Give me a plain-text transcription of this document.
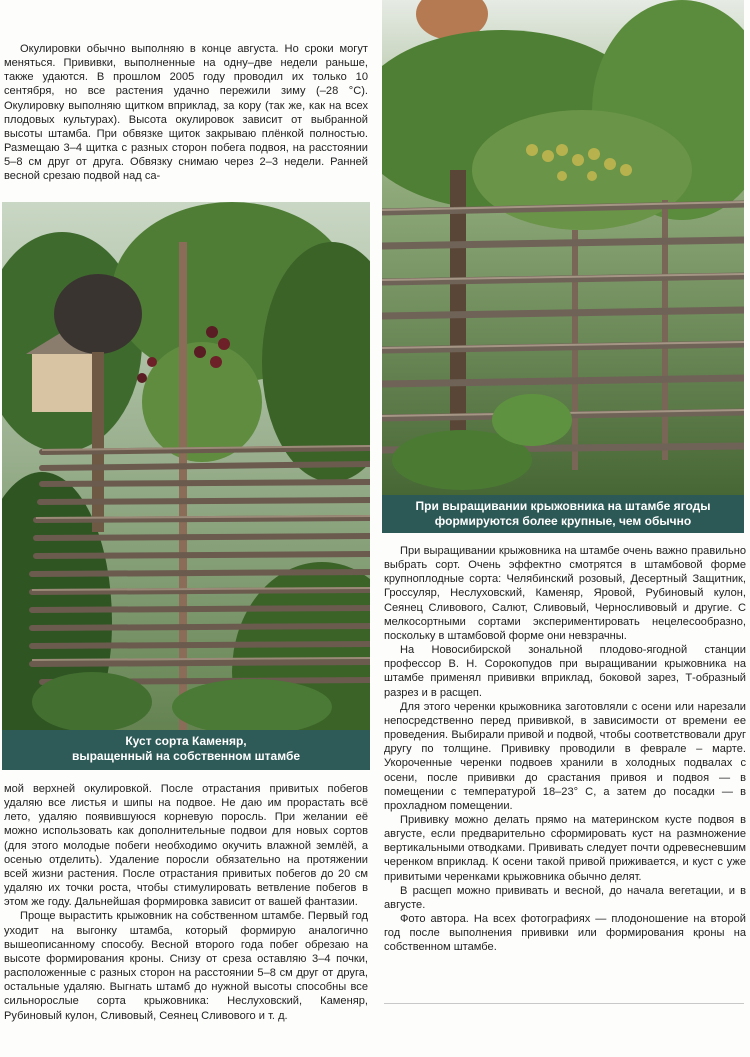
Окулировки обычно выполняю в конце августа. Но сроки могут меняться. Прививки, выполненные на одну–две недели раньше, также удаются. В прошлом 2005 году проводил их только 10 сентября, но все растения удачно пережили зиму (–28 °С). Окулировку выполняю щитком вприклад, за кору (так же, как на всех плодовых культурах). Высота окулировок зависит от выбранной высоты штамба. При обвязке щиток закрываю плёнкой полностью. Размещаю 3–4 щитка с разных сторон побега подвоя, на расстоянии 5–8 см друг от друга. Обвязку снимаю через 2–3 недели. Ранней весной срезаю подвой над са-

Куст сорта Каменяр,
выращенный на собственном штамбе

мой верхней окулировкой. После отрастания привитых побегов удаляю все листья и шипы на подвое. Не даю им прорастать всё лето, удаляю появившуюся корневую поросль. При желании её можно использовать как дополнительные подвои для новых сортов (для этого молодые побеги необходимо окучить влажной землёй, а осенью отделить). Удаление поросли обязательно на протяжении всей жизни растения. После отрастания привитых побегов до 20 см удаляю их точки роста, чтобы стимулировать ветвление побегов в этом же году. Дальнейшая формировка зависит от вашей фантазии.

Проще вырастить крыжовник на собственном штамбе. Первый год уходит на выгонку штамба, который формирую аналогично вышеописанному способу. Весной второго года побег обрезаю на высоте формирования кроны. Снизу от среза оставляю 3–4 почки, расположенные с разных сторон на расстоянии 5–8 см друг от друга, остальные удаляю. Выгнать штамб до нужной высоты способны все сильнорослые сорта крыжовника: Неслуховский, Каменяр, Рубиновый кулон, Сливовый, Сеянец Сливового и т. д.

При выращивании крыжовника на штамбе ягоды
формируются более крупные, чем обычно

При выращивании крыжовника на штамбе очень важно правильно выбрать сорт. Очень эффектно смотрятся в штамбовой форме крупноплодные сорта: Челябинский розовый, Десертный Защитник, Гроссуляр, Неслуховский, Каменяр, Яровой, Рубиновый кулон, Сеянец Сливового, Салют, Сливовый, Черносливовый и другие. С мелкосортными сортами экспериментировать нецелесообразно, поскольку в штамбовой форме они невзрачны.

На Новосибирской зональной плодово-ягодной станции профессор В. Н. Сорокопудов при выращивании крыжовника на штамбе применял прививки вприклад, боковой зарез, Т-образный разрез и в расщеп.

Для этого черенки крыжовника заготовляли с осени или нарезали непосредственно перед прививкой, в зависимости от времени ее проведения. Выбирали привой и подвой, чтобы соответствовали друг другу по толщине. Прививку проводили в феврале – марте. Укороченные черенки подвоев хранили в холодных подвалах с осени, после прививки до срастания привоя и подвоя — в помещении с температурой 18–23° С, а затем до посадки — в прохладном помещении.

Прививку можно делать прямо на материнском кусте подвоя в августе, если предварительно сформировать куст на размножение вертикальными отводками. Прививать следует почти одревесневшим черенком вприклад. К осени такой привой приживается, и куст с уже привитыми черенками крыжовника обычно делят.

В расщеп можно прививать и весной, до начала вегетации, и в августе.

Фото автора. На всех фотографиях — плодоношение на второй год после выполнения прививки или формирования кроны на собственном штамбе.
